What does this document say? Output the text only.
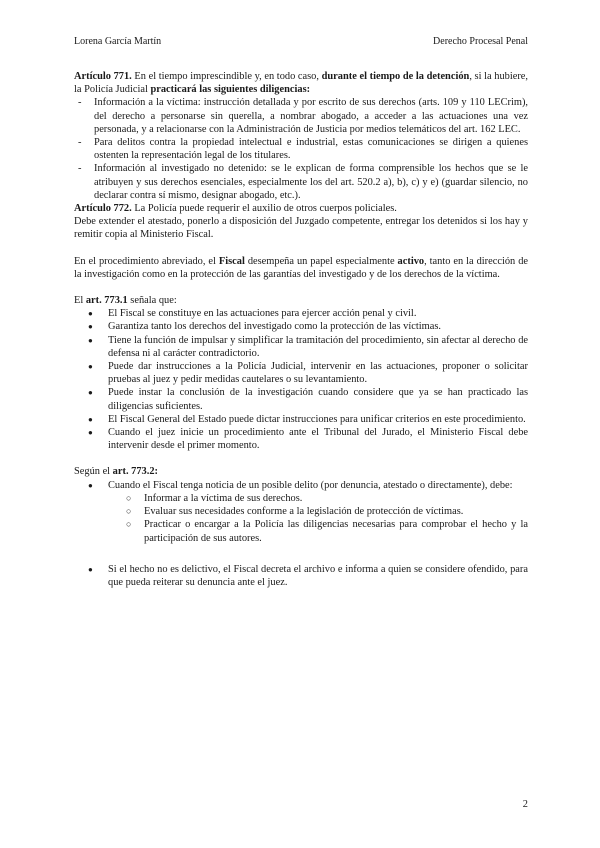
Lorena García Martín	Derecho Procesal Penal

Artículo 771. En el tiempo imprescindible y, en todo caso, durante el tiempo de la detención, si la hubiere, la Policía Judicial practicará las siguientes diligencias:

- Información a la víctima: instrucción detallada y por escrito de sus derechos (arts. 109 y 110 LECrim), del derecho a personarse sin querella, a nombrar abogado, a acceder a las actuaciones una vez personada, y a relacionarse con la Administración de Justicia por medios telemáticos del art. 162 LEC.
- Para delitos contra la propiedad intelectual e industrial, estas comunicaciones se dirigen a quienes ostenten la representación legal de los titulares.
- Información al investigado no detenido: se le explican de forma comprensible los hechos que se le atribuyen y sus derechos esenciales, especialmente los del art. 520.2 a), b), c) y e) (guardar silencio, no declarar contra sí mismo, designar abogado, etc.).

Artículo 772. La Policía puede requerir el auxilio de otros cuerpos policiales.

Debe extender el atestado, ponerlo a disposición del Juzgado competente, entregar los detenidos si los hay y remitir copia al Ministerio Fiscal.

En el procedimiento abreviado, el Fiscal desempeña un papel especialmente activo, tanto en la dirección de la investigación como en la protección de las garantías del investigado y de los derechos de la víctima.

El art. 773.1 señala que:

● El Fiscal se constituye en las actuaciones para ejercer acción penal y civil.
● Garantiza tanto los derechos del investigado como la protección de las víctimas.
● Tiene la función de impulsar y simplificar la tramitación del procedimiento, sin afectar al derecho de defensa ni al carácter contradictorio.
● Puede dar instrucciones a la Policía Judicial, intervenir en las actuaciones, proponer o solicitar pruebas al juez y pedir medidas cautelares o su levantamiento.
● Puede instar la conclusión de la investigación cuando considere que ya se han practicado las diligencias suficientes.
● El Fiscal General del Estado puede dictar instrucciones para unificar criterios en este procedimiento.
● Cuando el juez inicie un procedimiento ante el Tribunal del Jurado, el Ministerio Fiscal debe intervenir desde el primer momento.

Según el art. 773.2:

● Cuando el Fiscal tenga noticia de un posible delito (por denuncia, atestado o directamente), debe:
○ Informar a la víctima de sus derechos.
○ Evaluar sus necesidades conforme a la legislación de protección de víctimas.
○ Practicar o encargar a la Policía las diligencias necesarias para comprobar el hecho y la participación de sus autores.
● Si el hecho no es delictivo, el Fiscal decreta el archivo e informa a quien se considere ofendido, para que pueda reiterar su denuncia ante el juez.
2
